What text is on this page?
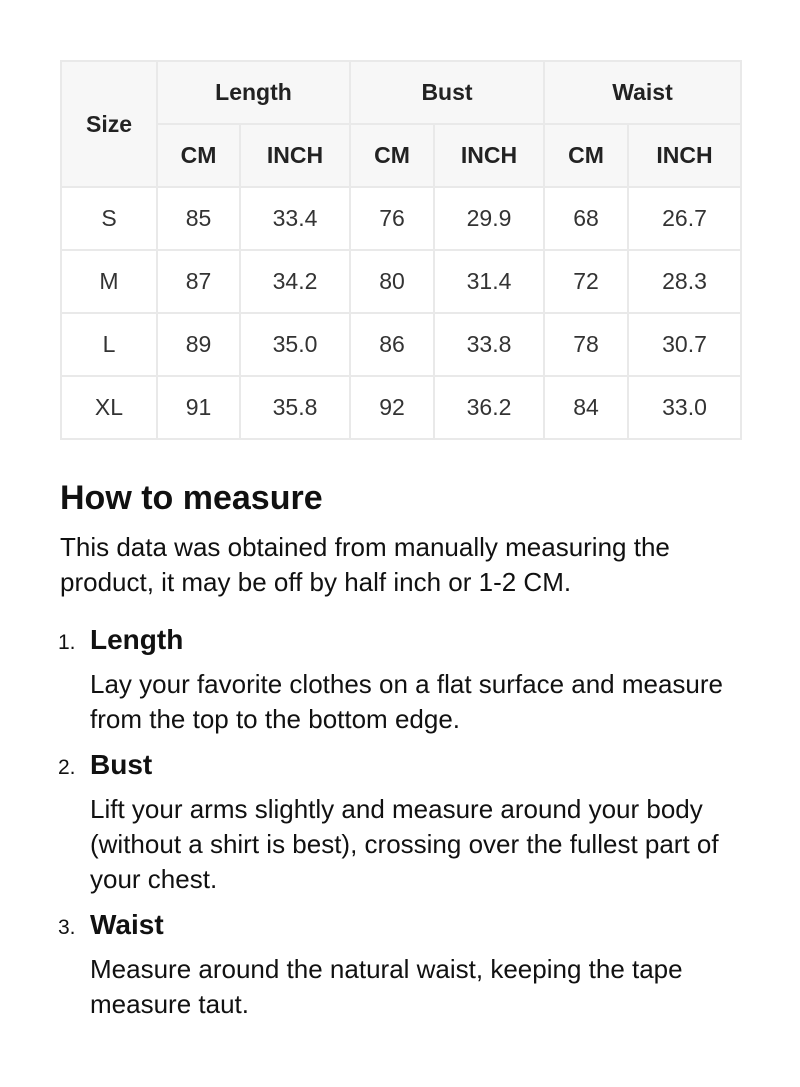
Size	Length		Bust		Waist	
	CM	INCH	CM	INCH	CM	INCH
S	85	33.4	76	29.9	68	26.7
M	87	34.2	80	31.4	72	28.3
L	89	35.0	86	33.8	78	30.7
XL	91	35.8	92	36.2	84	33.0
How to measure

This data was obtained from manually measuring the product, it may be off by half inch or 1-2 CM.

1. Length
Lay your favorite clothes on a flat surface and measure from the top to the bottom edge.
2. Bust
Lift your arms slightly and measure around your body (without a shirt is best), crossing over the fullest part of your chest.
3. Waist
Measure around the natural waist, keeping the tape measure taut.
